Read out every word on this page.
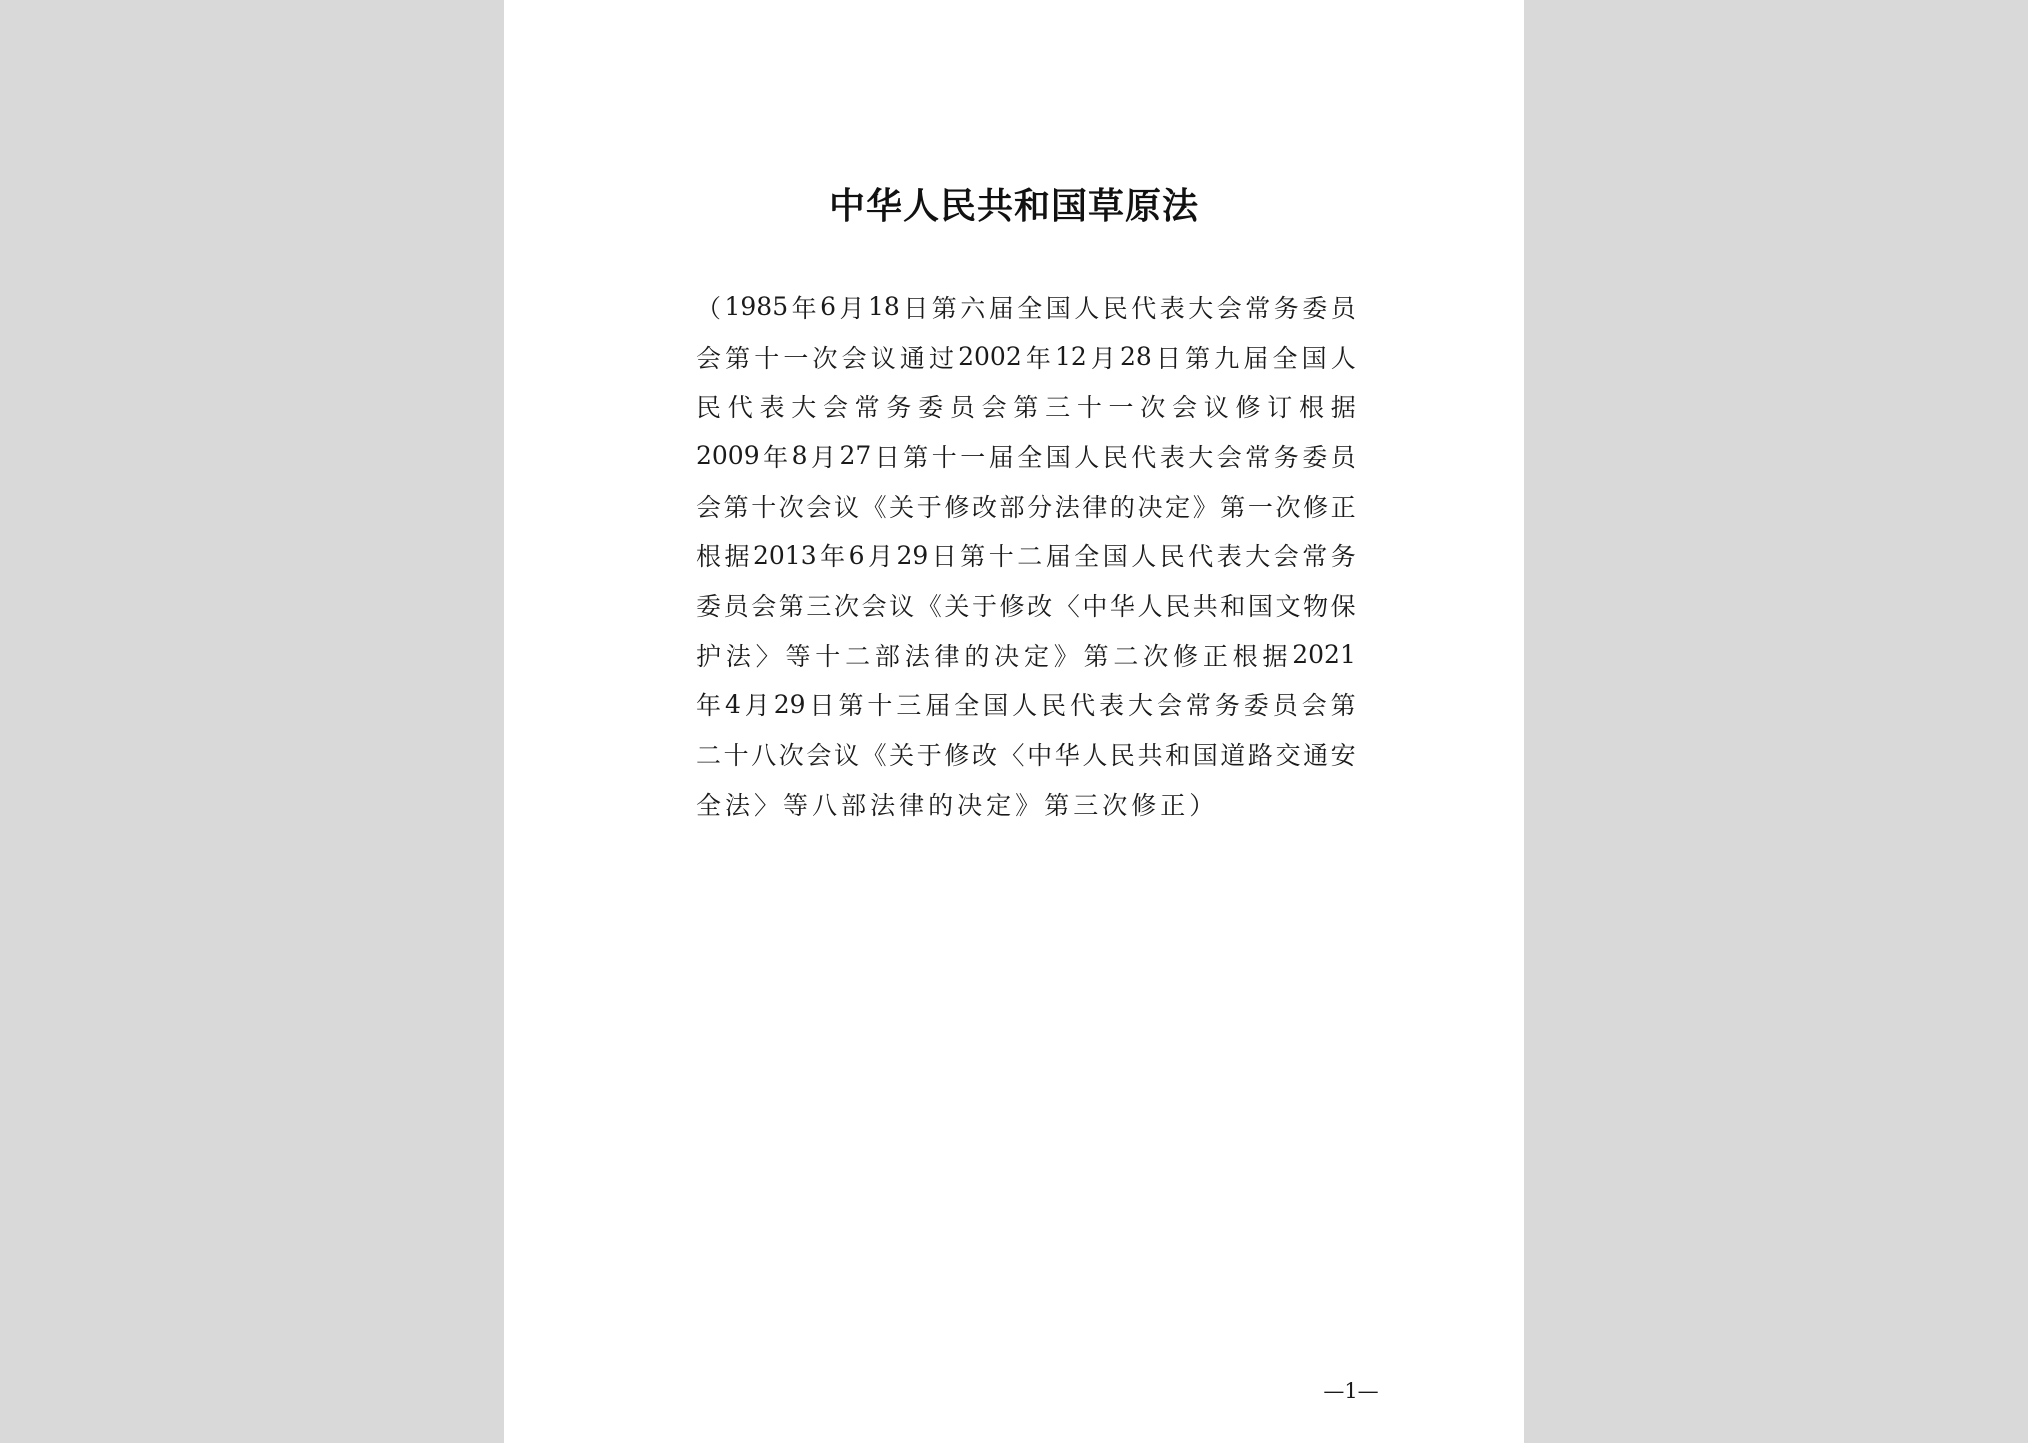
中华人民共和国草原法
（ 1985 年 6 月 18 日 第 六 届 全 国 人 民 代 表 大 会 常 务 委 员
会 第 十 一 次 会 议 通 过 2002 年 12 月 28 日 第 九 届 全 国 人
民 代 表 大 会 常 务 委 员 会 第 三 十 一 次 会 议 修 订 根 据
2009 年 8 月 27 日 第 十 一 届 全 国 人 民 代 表 大 会 常 务 委 员
会 第 十 次 会 议 《 关 于 修 改 部 分 法 律 的 决 定 》 第 一 次 修 正
根 据 2013 年 6 月 29 日 第 十 二 届 全 国 人 民 代 表 大 会 常 务
委 员 会 第 三 次 会 议 《 关 于 修 改 〈 中 华 人 民 共 和 国 文 物 保
护 法 〉 等 十 二 部 法 律 的 决 定 》 第 二 次 修 正 根 据 2021
年 4 月 29 日 第 十 三 届 全 国 人 民 代 表 大 会 常 务 委 员 会 第
二 十 八 次 会 议 《 关 于 修 改 〈 中 华 人 民 共 和 国 道 路 交 通 安
全 法 〉 等 八 部 法 律 的 决 定 》 第 三 次 修 正 ）
—1—
